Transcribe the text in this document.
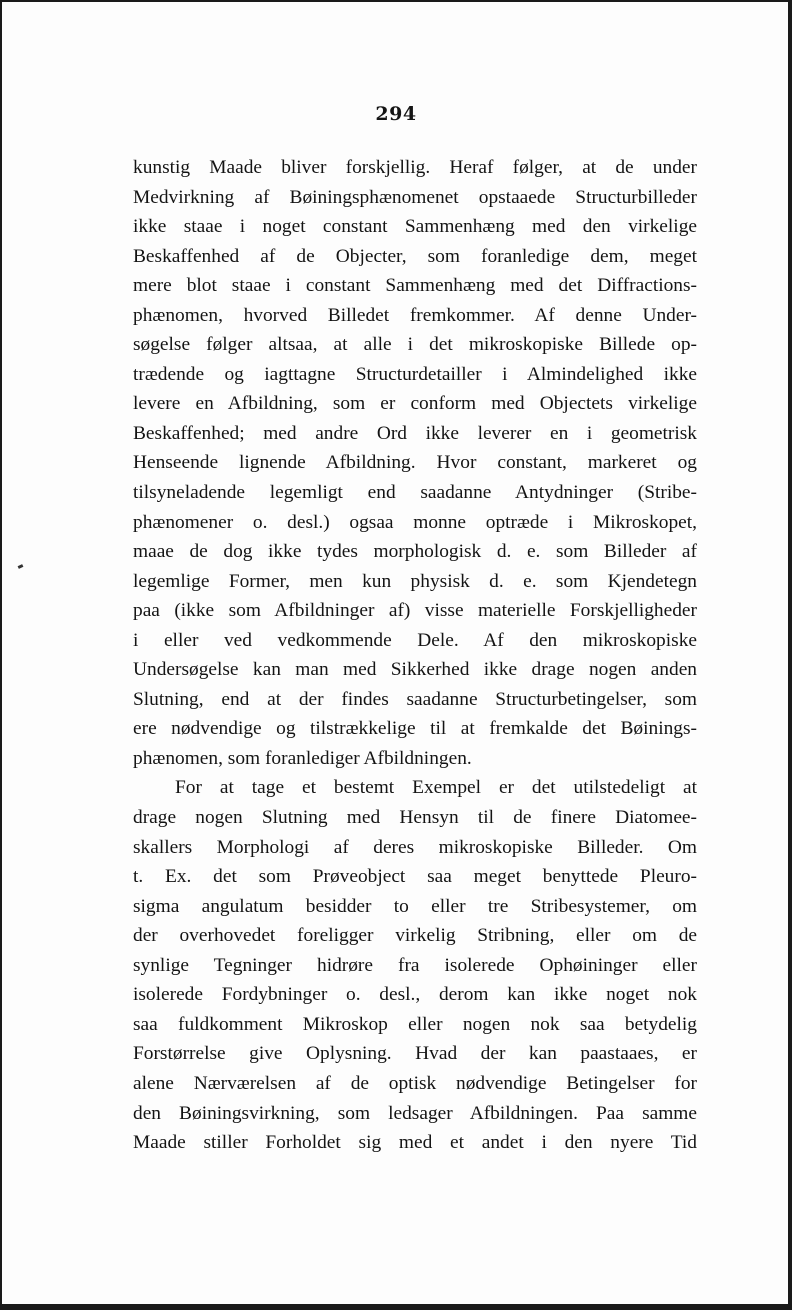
294
kunstig Maade bliver forskjellig. Heraf følger, at de under
Medvirkning af Bøiningsphænomenet opstaaede Structurbilleder
ikke staae i noget constant Sammenhæng med den virkelige
Beskaffenhed af de Objecter, som foranledige dem, meget
mere blot staae i constant Sammenhæng med det Diffractions-
phænomen, hvorved Billedet fremkommer. Af denne Under-
søgelse følger altsaa, at alle i det mikroskopiske Billede op-
trædende og iagttagne Structurdetailler i Almindelighed ikke
levere en Afbildning, som er conform med Objectets virkelige
Beskaffenhed; med andre Ord ikke leverer en i geometrisk
Henseende lignende Afbildning. Hvor constant, markeret og
tilsyneladende legemligt end saadanne Antydninger (Stribe-
phænomener o. desl.) ogsaa monne optræde i Mikroskopet,
maae de dog ikke tydes morphologisk d. e. som Billeder af
legemlige Former, men kun physisk d. e. som Kjendetegn
paa (ikke som Afbildninger af) visse materielle Forskjelligheder
i eller ved vedkommende Dele. Af den mikroskopiske
Undersøgelse kan man med Sikkerhed ikke drage nogen anden
Slutning, end at der findes saadanne Structurbetingelser, som
ere nødvendige og tilstrækkelige til at fremkalde det Bøinings-
phænomen, som foranlediger Afbildningen.
For at tage et bestemt Exempel er det utilstedeligt at
drage nogen Slutning med Hensyn til de finere Diatomee-
skallers Morphologi af deres mikroskopiske Billeder. Om
t. Ex. det som Prøveobject saa meget benyttede Pleuro-
sigma angulatum besidder to eller tre Stribesystemer, om
der overhovedet foreligger virkelig Stribning, eller om de
synlige Tegninger hidrøre fra isolerede Ophøininger eller
isolerede Fordybninger o. desl., derom kan ikke noget nok
saa fuldkomment Mikroskop eller nogen nok saa betydelig
Forstørrelse give Oplysning. Hvad der kan paastaaes, er
alene Nærværelsen af de optisk nødvendige Betingelser for
den Bøiningsvirkning, som ledsager Afbildningen. Paa samme
Maade stiller Forholdet sig med et andet i den nyere Tid
